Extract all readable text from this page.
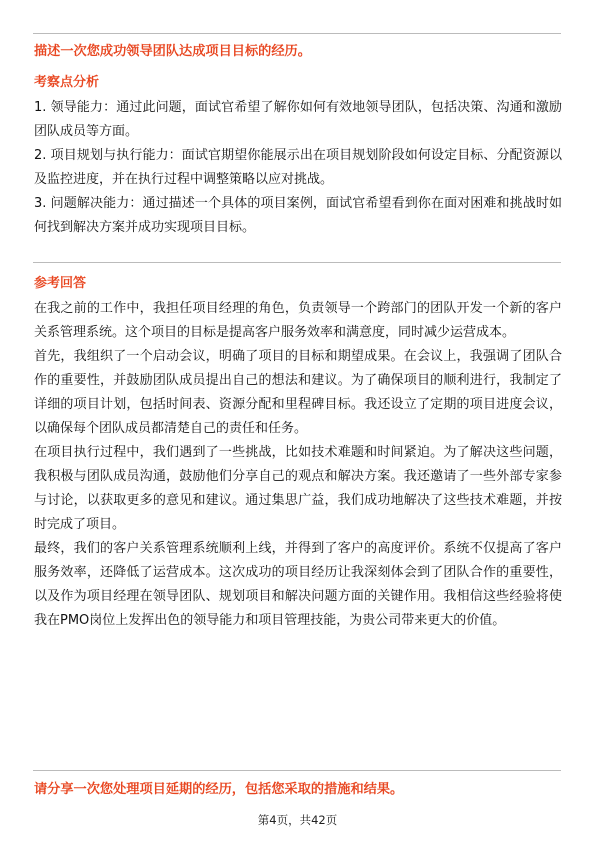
描述一次您成功领导团队达成项目目标的经历。
考察点分析

1. 领导能力：通过此问题，面试官希望了解你如何有效地领导团队，包括决策、沟通和激励团队成员等方面。

2. 项目规划与执行能力：面试官期望你能展示出在项目规划阶段如何设定目标、分配资源以及监控进度，并在执行过程中调整策略以应对挑战。

3. 问题解决能力：通过描述一个具体的项目案例，面试官希望看到你在面对困难和挑战时如何找到解决方案并成功实现项目目标。

参考回答

在我之前的工作中，我担任项目经理的角色，负责领导一个跨部门的团队开发一个新的客户关系管理系统。这个项目的目标是提高客户服务效率和满意度，同时减少运营成本。

首先，我组织了一个启动会议，明确了项目的目标和期望成果。在会议上，我强调了团队合作的重要性，并鼓励团队成员提出自己的想法和建议。为了确保项目的顺利进行，我制定了详细的项目计划，包括时间表、资源分配和里程碑目标。我还设立了定期的项目进度会议，以确保每个团队成员都清楚自己的责任和任务。

在项目执行过程中，我们遇到了一些挑战，比如技术难题和时间紧迫。为了解决这些问题，我积极与团队成员沟通，鼓励他们分享自己的观点和解决方案。我还邀请了一些外部专家参与讨论，以获取更多的意见和建议。通过集思广益，我们成功地解决了这些技术难题，并按时完成了项目。

最终，我们的客户关系管理系统顺利上线，并得到了客户的高度评价。系统不仅提高了客户服务效率，还降低了运营成本。这次成功的项目经历让我深刻体会到了团队合作的重要性，以及作为项目经理在领导团队、规划项目和解决问题方面的关键作用。我相信这些经验将使我在PMO岗位上发挥出色的领导能力和项目管理技能，为贵公司带来更大的价值。

请分享一次您处理项目延期的经历，包括您采取的措施和结果。
第4页，共42页
